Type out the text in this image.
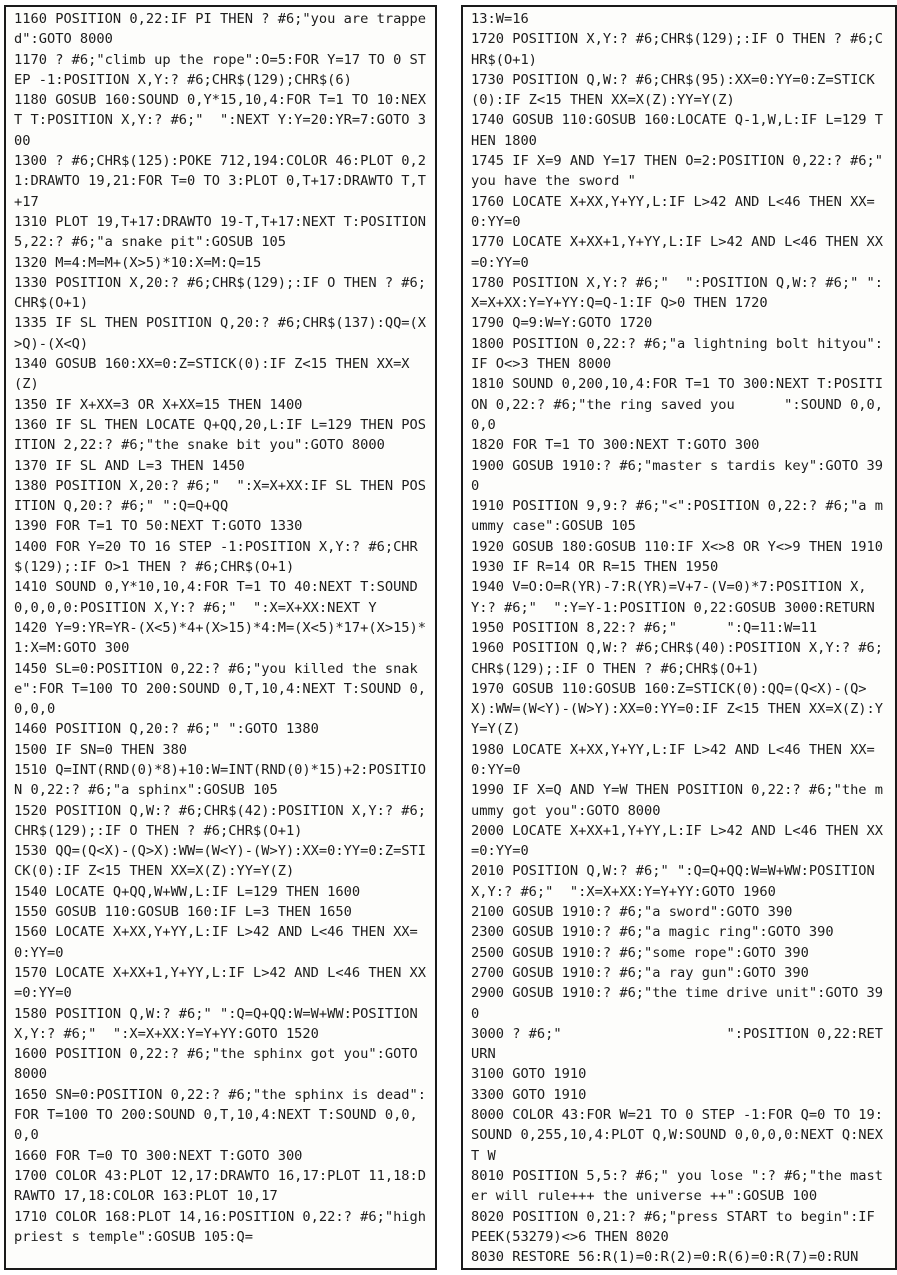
1160 POSITION 0,22:IF PI THEN ? #6;"you are trapped":GOTO 8000
1170 ? #6;"climb up the rope":O=5:FOR Y=17 TO 0 STEP -1:POSITION X,Y:? #6;CHR$(129);CHR$(6)
1180 GOSUB 160:SOUND 0,Y*15,10,4:FOR T=1 TO 10:NEXT T:POSITION X,Y:? #6;"  ":NEXT Y:Y=20:YR=7:GOTO 300
1300 ? #6;CHR$(125):POKE 712,194:COLOR 46:PLOT 0,21:DRAWTO 19,21:FOR T=0 TO 3:PLOT 0,T+17:DRAWTO T,T+17
1310 PLOT 19,T+17:DRAWTO 19-T,T+17:NEXT T:POSITION 5,22:? #6;"a snake pit":GOSUB 105
1320 M=4:M=M+(X>5)*10:X=M:Q=15
1330 POSITION X,20:? #6;CHR$(129);:IF O THEN ? #6;CHR$(O+1)
1335 IF SL THEN POSITION Q,20:? #6;CHR$(137):QQ=(X>Q)-(X<Q)
1340 GOSUB 160:XX=0:Z=STICK(0):IF Z<15 THEN XX=X(Z)
1350 IF X+XX=3 OR X+XX=15 THEN 1400
1360 IF SL THEN LOCATE Q+QQ,20,L:IF L=129 THEN POSITION 2,22:? #6;"the snake bit you":GOTO 8000
1370 IF SL AND L=3 THEN 1450
1380 POSITION X,20:? #6;"  ":X=X+XX:IF SL THEN POSITION Q,20:? #6;" ":Q=Q+QQ
1390 FOR T=1 TO 50:NEXT T:GOTO 1330
1400 FOR Y=20 TO 16 STEP -1:POSITION X,Y:? #6;CHR$(129);:IF O>1 THEN ? #6;CHR$(O+1)
1410 SOUND 0,Y*10,10,4:FOR T=1 TO 40:NEXT T:SOUND 0,0,0,0:POSITION X,Y:? #6;"  ":X=X+XX:NEXT Y
1420 Y=9:YR=YR-(X<5)*4+(X>15)*4:M=(X<5)*17+(X>15)*1:X=M:GOTO 300
1450 SL=0:POSITION 0,22:? #6;"you killed the snake":FOR T=100 TO 200:SOUND 0,T,10,4:NEXT T:SOUND 0,0,0,0
1460 POSITION Q,20:? #6;" ":GOTO 1380
1500 IF SN=0 THEN 380
1510 Q=INT(RND(0)*8)+10:W=INT(RND(0)*15)+2:POSITION 0,22:? #6;"a sphinx":GOSUB 105
1520 POSITION Q,W:? #6;CHR$(42):POSITION X,Y:? #6;CHR$(129);:IF O THEN ? #6;CHR$(O+1)
1530 QQ=(Q<X)-(Q>X):WW=(W<Y)-(W>Y):XX=0:YY=0:Z=STICK(0):IF Z<15 THEN XX=X(Z):YY=Y(Z)
1540 LOCATE Q+QQ,W+WW,L:IF L=129 THEN 1600
1550 GOSUB 110:GOSUB 160:IF L=3 THEN 1650
1560 LOCATE X+XX,Y+YY,L:IF L>42 AND L<46 THEN XX=0:YY=0
1570 LOCATE X+XX+1,Y+YY,L:IF L>42 AND L<46 THEN XX=0:YY=0
1580 POSITION Q,W:? #6;" ":Q=Q+QQ:W=W+WW:POSITION X,Y:? #6;"  ":X=X+XX:Y=Y+YY:GOTO 1520
1600 POSITION 0,22:? #6;"the sphinx got you":GOTO 8000
1650 SN=0:POSITION 0,22:? #6;"the sphinx is dead":FOR T=100 TO 200:SOUND 0,T,10,4:NEXT T:SOUND 0,0,0,0
1660 FOR T=0 TO 300:NEXT T:GOTO 300
1700 COLOR 43:PLOT 12,17:DRAWTO 16,17:PLOT 11,18:DRAWTO 17,18:COLOR 163:PLOT 10,17
1710 COLOR 168:PLOT 14,16:POSITION 0,22:? #6;"high priest s temple":GOSUB 105:Q=
13:W=16
1720 POSITION X,Y:? #6;CHR$(129);:IF O THEN ? #6;CHR$(O+1)
1730 POSITION Q,W:? #6;CHR$(95):XX=0:YY=0:Z=STICK(0):IF Z<15 THEN XX=X(Z):YY=Y(Z)
1740 GOSUB 110:GOSUB 160:LOCATE Q-1,W,L:IF L=129 THEN 1800
1745 IF X=9 AND Y=17 THEN O=2:POSITION 0,22:? #6;" you have the sword "
1760 LOCATE X+XX,Y+YY,L:IF L>42 AND L<46 THEN XX=0:YY=0
1770 LOCATE X+XX+1,Y+YY,L:IF L>42 AND L<46 THEN XX=0:YY=0
1780 POSITION X,Y:? #6;"  ":POSITION Q,W:? #6;" ":X=X+XX:Y=Y+YY:Q=Q-1:IF Q>0 THEN 1720
1790 Q=9:W=Y:GOTO 1720
1800 POSITION 0,22:? #6;"a lightning bolt hityou":IF O<>3 THEN 8000
1810 SOUND 0,200,10,4:FOR T=1 TO 300:NEXT T:POSITION 0,22:? #6;"the ring saved you      ":SOUND 0,0,0,0
1820 FOR T=1 TO 300:NEXT T:GOTO 300
1900 GOSUB 1910:? #6;"master s tardis key":GOTO 390
1910 POSITION 9,9:? #6;"<":POSITION 0,22:? #6;"a mummy case":GOSUB 105
1920 GOSUB 180:GOSUB 110:IF X<>8 OR Y<>9 THEN 1910
1930 IF R=14 OR R=15 THEN 1950
1940 V=O:O=R(YR)-7:R(YR)=V+7-(V=0)*7:POSITION X,Y:? #6;"  ":Y=Y-1:POSITION 0,22:GOSUB 3000:RETURN
1950 POSITION 8,22:? #6;"      ":Q=11:W=11
1960 POSITION Q,W:? #6;CHR$(40):POSITION X,Y:? #6;CHR$(129);:IF O THEN ? #6;CHR$(O+1)
1970 GOSUB 110:GOSUB 160:Z=STICK(0):QQ=(Q<X)-(Q>X):WW=(W<Y)-(W>Y):XX=0:YY=0:IF Z<15 THEN XX=X(Z):YY=Y(Z)
1980 LOCATE X+XX,Y+YY,L:IF L>42 AND L<46 THEN XX=0:YY=0
1990 IF X=Q AND Y=W THEN POSITION 0,22:? #6;"the mummy got you":GOTO 8000
2000 LOCATE X+XX+1,Y+YY,L:IF L>42 AND L<46 THEN XX=0:YY=0
2010 POSITION Q,W:? #6;" ":Q=Q+QQ:W=W+WW:POSITION X,Y:? #6;"  ":X=X+XX:Y=Y+YY:GOTO 1960
2100 GOSUB 1910:? #6;"a sword":GOTO 390
2300 GOSUB 1910:? #6;"a magic ring":GOTO 390
2500 GOSUB 1910:? #6;"some rope":GOTO 390
2700 GOSUB 1910:? #6;"a ray gun":GOTO 390
2900 GOSUB 1910:? #6;"the time drive unit":GOTO 390
3000 ? #6;"                    ":POSITION 0,22:RETURN
3100 GOTO 1910
3300 GOTO 1910
8000 COLOR 43:FOR W=21 TO 0 STEP -1:FOR Q=0 TO 19:SOUND 0,255,10,4:PLOT Q,W:SOUND 0,0,0,0:NEXT Q:NEXT W
8010 POSITION 5,5:? #6;" you lose ":? #6;"the master will rule+++ the universe ++":GOSUB 100
8020 POSITION 0,21:? #6;"press START to begin":IF PEEK(53279)<>6 THEN 8020
8030 RESTORE 56:R(1)=0:R(2)=0:R(6)=0:R(7)=0:RUN
